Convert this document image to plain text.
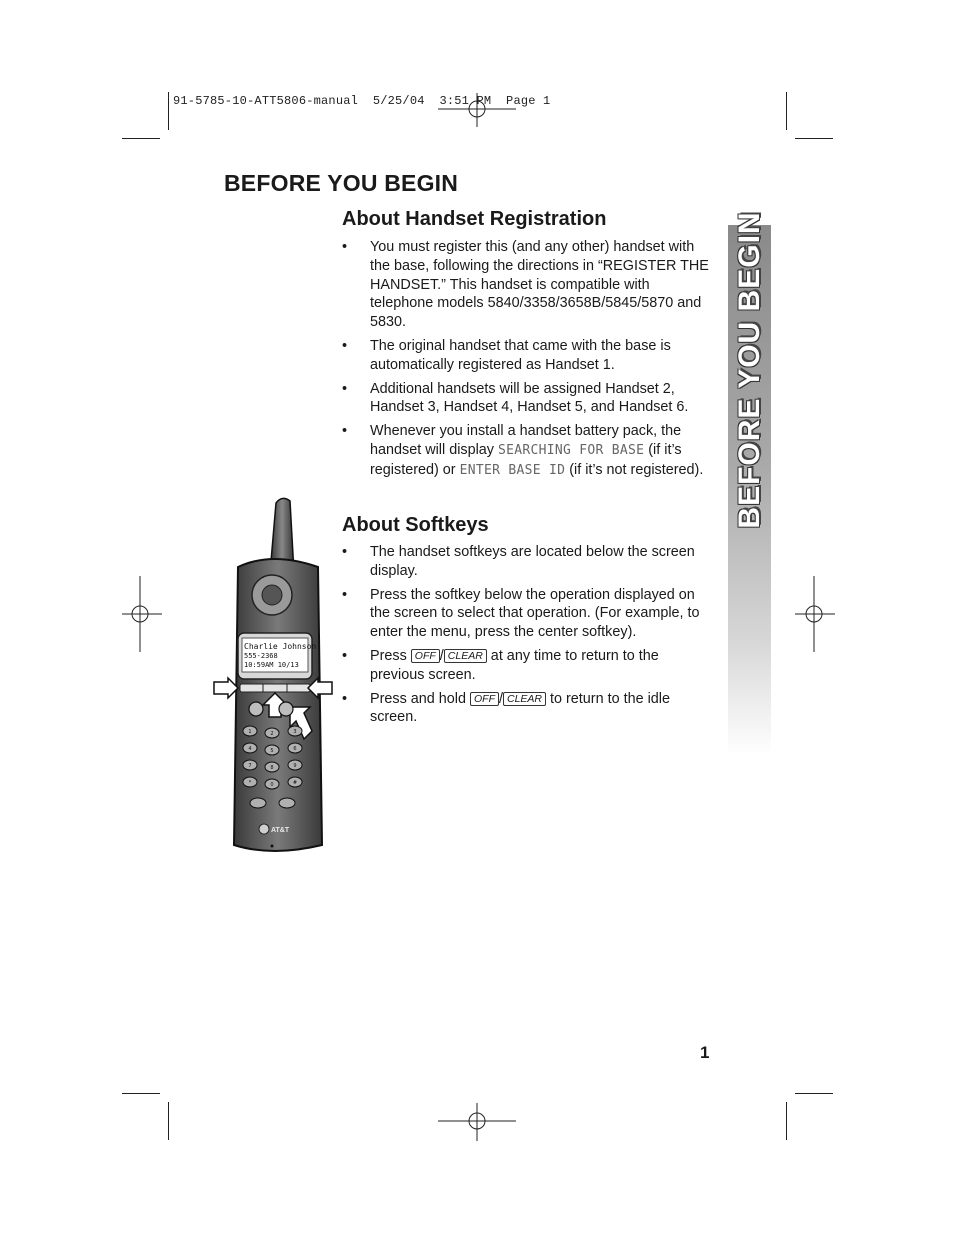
91-5785-10-ATT5806-manual  5/25/04  3:51 PM  Page 1
BEFORE YOU BEGIN
BEFORE YOU BEGIN
About Handset Registration
• You must register this (and any other) handset with the base, following the directions in “REGISTER THE HANDSET.” This handset is compatible with telephone models 5840/3358/3658B/5845/5870 and 5830.
• The original handset that came with the base is automatically registered as Handset 1.
• Additional handsets will be assigned Handset 2, Handset 3, Handset 4, Handset 5, and Handset 6.
• Whenever you install a handset battery pack, the handset will display SEARCHING FOR BASE (if it’s registered) or ENTER BASE ID (if it’s not registered).
About Softkeys
• The handset softkeys are located below the screen display.
• Press the softkey below the operation displayed on the screen to select that operation. (For example, to enter the menu, press the center softkey).
• Press OFF / CLEAR at any time to return to the previous screen.
• Press and hold OFF / CLEAR to return to the idle screen.
Charlie Johnson
555-2368
10:59AM 10/13
1	2	3
4	5	6
7	8	9
*	0	#
AT&T
1
